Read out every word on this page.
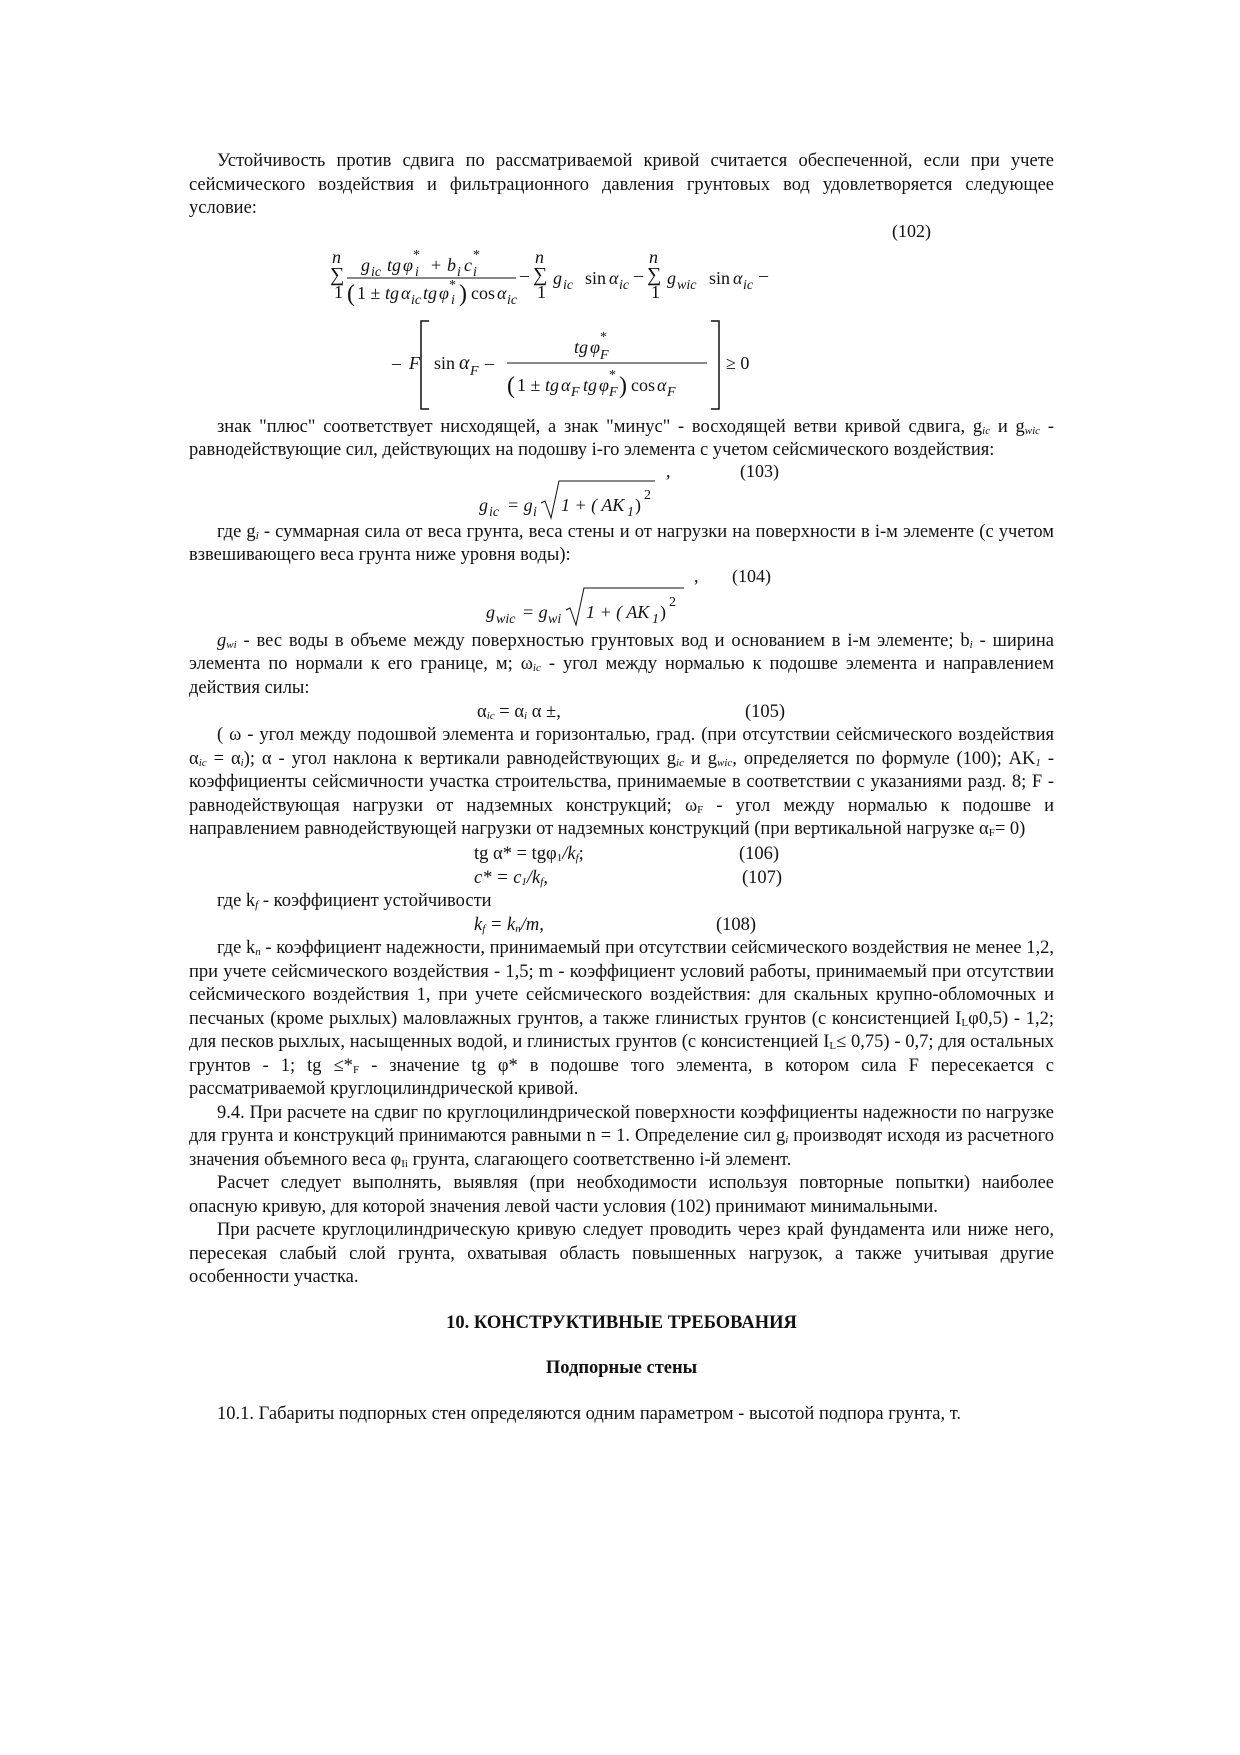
Устойчивость против сдвига по рассматриваемой кривой считается обеспеченной, если при учете сейсмического воздействия и фильтрационного давления грунтовых вод удовлетворяется следующее условие:

(102)
n
∑
1
g ic tg φ *
i + b i c *
i
( 1 ± tg α ic tg φ *
i ) cos α ic
–
n
∑
1
g ic sin α ic
–
n
∑
1
g wic sin α ic
–
– F sin α F –
tg φ *
F
( 1 ± tg α F tg φ *
F ) cos α F
≥ 0

знак "плюс" соответствует нисходящей, а знак "минус" - восходящей ветви кривой сдвига, $g_{ic}$ и $g_{wic}$ - равнодействующие сил, действующих на подошву i-го элемента с учетом сейсмического воздействия:

,	(103)
g ic = g i 1 + ( AK 1 ) 2

где $g_i$ - суммарная сила от веса грунта, веса стены и от нагрузки на поверхности в i-м элементе (с учетом взвешивающего веса грунта ниже уровня воды):

, (104)
g wic = g wi 1 + ( AK 1 ) 2

$g_{wi}$ - вес воды в объеме между поверхностью грунтовых вод и основанием в i-м элементе; $b_i$ - ширина элемента по нормали к его границе, м; $\omega_{ic}$ - угол между нормалью к подошве элемента и направлением действия силы:

$\alpha_{ic} = \alpha_i$ α ±,	(105)

( ω - угол между подошвой элемента и горизонталью, град. (при отсутствии сейсмического воздействия $\alpha_{ic} = \alpha_i$); α - угол наклона к вертикали равнодействующих $g_{ic}$ и $g_{wic}$, определяется по формуле (100); $AK_1$ - коэффициенты сейсмичности участка строительства, принимаемые в соответствии с указаниями разд. 8; F - равнодействующая нагрузки от надземных конструкций; $\omega_F$ - угол между нормалью к подошве и направлением равнодействующей нагрузки от надземных конструкций (при вертикальной нагрузке $\alpha_F= 0$)

tg $\alpha* = tg\varphi_1/k_f$;	(106)
$c* = c_1/k_f$,	(107)

где $k_f$ - коэффициент устойчивости

$k_f = k_n/m$,	(108)

где $k_n$ - коэффициент надежности, принимаемый при отсутствии сейсмического воздействия не менее 1,2, при учете сейсмического воздействия - 1,5; m - коэффициент условий работы, принимаемый при отсутствии сейсмического воздействия 1, при учете сейсмического воздействия: для скальных крупно-обломочных и песчаных (кроме рыхлых) маловлажных грунтов, а также глинистых грунтов (с консистенцией $I_L\varphi 0,5) - 1,2$; для песков рыхлых, насыщенных водой, и глинистых грунтов (с консистенцией $I_L\le 0,75) - 0,7$; для остальных грунтов - 1; tg $\le*_F$ - значение tg φ* в подошве того элемента, в котором сила F пересекается с рассматриваемой круглоцилиндрической кривой.

9.4. При расчете на сдвиг по круглоцилиндрической поверхности коэффициенты надежности по нагрузке для грунта и конструкций принимаются равными n = 1. Определение сил $g_i$ производят исходя из расчетного значения объемного веса $\varphi_{Ii}$ грунта, слагающего соответственно i-й элемент.

Расчет следует выполнять, выявляя (при необходимости используя повторные попытки) наиболее опасную кривую, для которой значения левой части условия (102) принимают минимальными.

При расчете круглоцилиндрическую кривую следует проводить через край фундамента или ниже него, пересекая слабый слой грунта, охватывая область повышенных нагрузок, а также учитывая другие особенности участка.

10. КОНСТРУКТИВНЫЕ ТРЕБОВАНИЯ
Подпорные стены

10.1. Габариты подпорных стен определяются одним параметром - высотой подпора грунта, т.
